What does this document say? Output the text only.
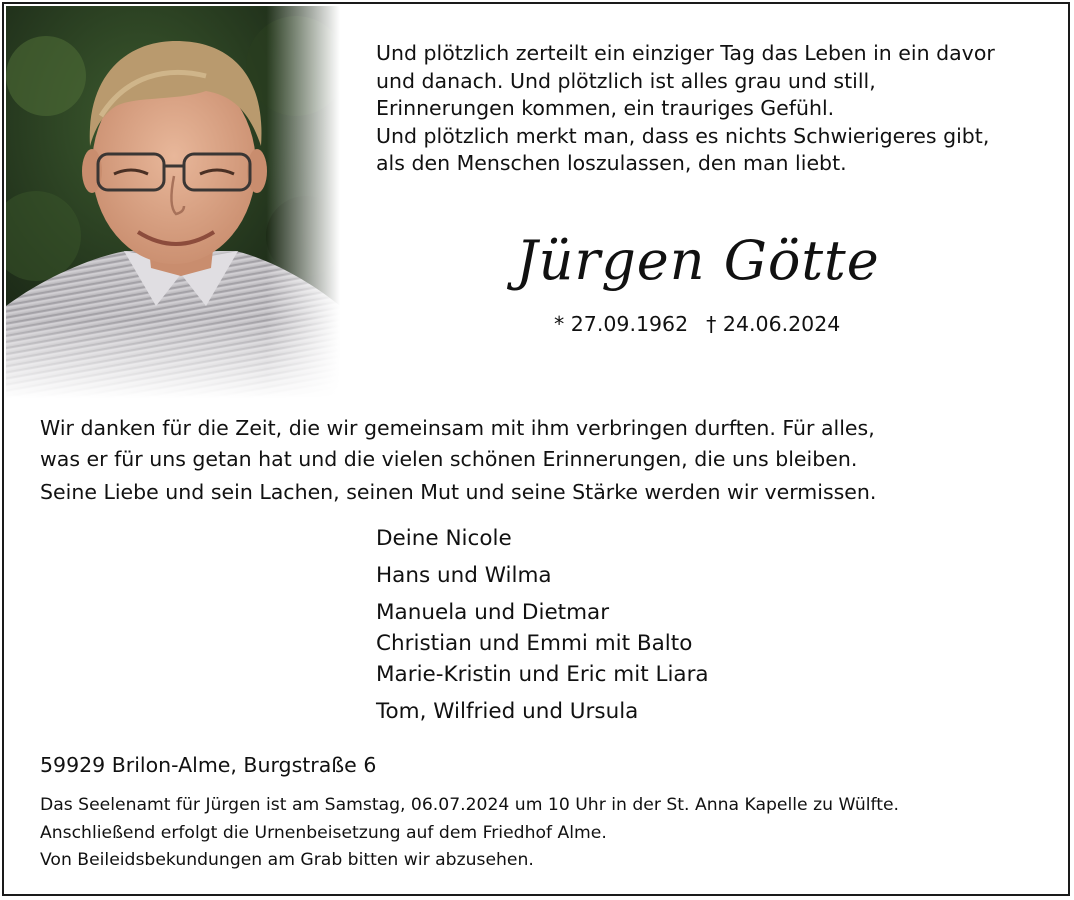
Und plötzlich zerteilt ein einziger Tag das Leben in ein davor
und danach. Und plötzlich ist alles grau und still,
Erinnerungen kommen, ein trauriges Gefühl.
Und plötzlich merkt man, dass es nichts Schwierigeres gibt,
als den Menschen loszulassen, den man liebt.
Jürgen Götte
* 27.09.1962 † 24.06.2024
Wir danken für die Zeit, die wir gemeinsam mit ihm verbringen durften. Für alles,
was er für uns getan hat und die vielen schönen Erinnerungen, die uns bleiben.
Seine Liebe und sein Lachen, seinen Mut und seine Stärke werden wir vermissen.
Deine Nicole
Hans und Wilma
Manuela und Dietmar
Christian und Emmi mit Balto
Marie-Kristin und Eric mit Liara
Tom, Wilfried und Ursula
59929 Brilon-Alme, Burgstraße 6
Das Seelenamt für Jürgen ist am Samstag, 06.07.2024 um 10 Uhr in der St. Anna Kapelle zu Wülfte.
Anschließend erfolgt die Urnenbeisetzung auf dem Friedhof Alme.
Von Beileidsbekundungen am Grab bitten wir abzusehen.
